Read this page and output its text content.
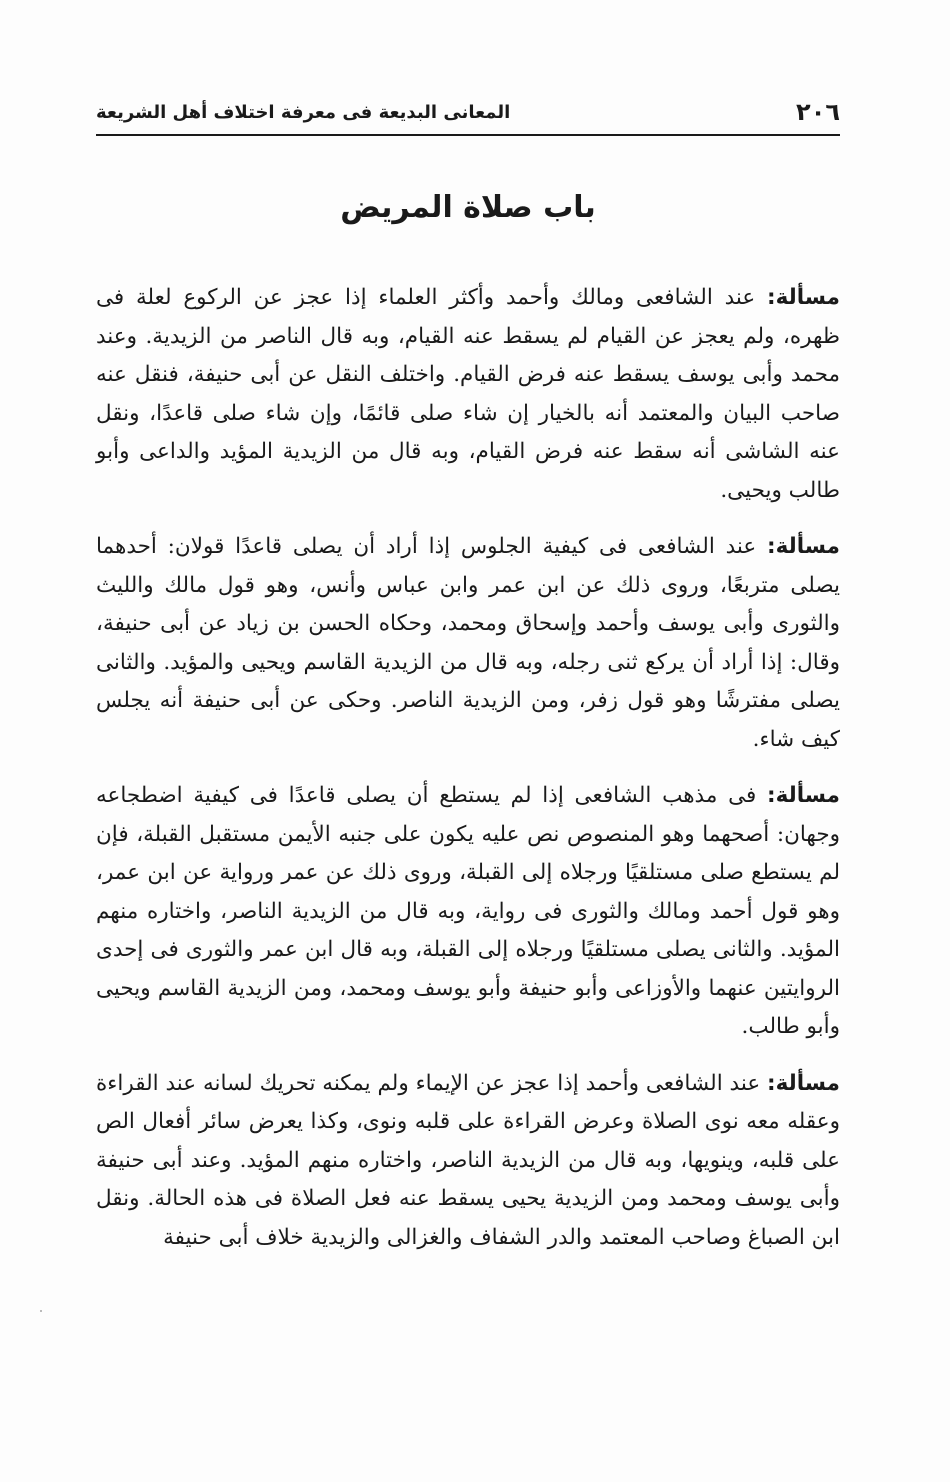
٢٠٦
المعانى البديعة فى معرفة اختلاف أهل الشريعة
باب صلاة المريض

مسألة: عند الشافعى ومالك وأحمد وأكثر العلماء إذا عجز عن الركوع لعلة فى ظهره، ولم يعجز عن القيام لم يسقط عنه القيام، وبه قال الناصر من الزيدية. وعند محمد وأبى يوسف يسقط عنه فرض القيام. واختلف النقل عن أبى حنيفة، فنقل عنه صاحب البيان والمعتمد أنه بالخيار إن شاء صلى قائمًا، وإن شاء صلى قاعدًا، ونقل عنه الشاشى أنه سقط عنه فرض القيام، وبه قال من الزيدية المؤيد والداعى وأبو طالب ويحيى.

مسألة: عند الشافعى فى كيفية الجلوس إذا أراد أن يصلى قاعدًا قولان: أحدهما يصلى متربعًا، وروى ذلك عن ابن عمر وابن عباس وأنس، وهو قول مالك والليث والثورى وأبى يوسف وأحمد وإسحاق ومحمد، وحكاه الحسن بن زياد عن أبى حنيفة، وقال: إذا أراد أن يركع ثنى رجله، وبه قال من الزيدية القاسم ويحيى والمؤيد. والثانى يصلى مفترشًا وهو قول زفر، ومن الزيدية الناصر. وحكى عن أبى حنيفة أنه يجلس كيف شاء.

مسألة: فى مذهب الشافعى إذا لم يستطع أن يصلى قاعدًا فى كيفية اضطجاعه وجهان: أصحهما وهو المنصوص نص عليه يكون على جنبه الأيمن مستقبل القبلة، فإن لم يستطع صلى مستلقيًا ورجلاه إلى القبلة، وروى ذلك عن عمر ورواية عن ابن عمر، وهو قول أحمد ومالك والثورى فى رواية، وبه قال من الزيدية الناصر، واختاره منهم المؤيد. والثانى يصلى مستلقيًا ورجلاه إلى القبلة، وبه قال ابن عمر والثورى فى إحدى الروايتين عنهما والأوزاعى وأبو حنيفة وأبو يوسف ومحمد، ومن الزيدية القاسم ويحيى وأبو طالب.

مسألة: عند الشافعى وأحمد إذا عجز عن الإيماء ولم يمكنه تحريك لسانه عند القراءة وعقله معه نوى الصلاة وعرض القراءة على قلبه ونوى، وكذا يعرض سائر أفعال الص على قلبه، وينويها، وبه قال من الزيدية الناصر، واختاره منهم المؤيد. وعند أبى حنيفة وأبى يوسف ومحمد ومن الزيدية يحيى يسقط عنه فعل الصلاة فى هذه الحالة. ونقل ابن الصباغ وصاحب المعتمد والدر الشفاف والغزالى والزيدية خلاف أبى حنيفة
